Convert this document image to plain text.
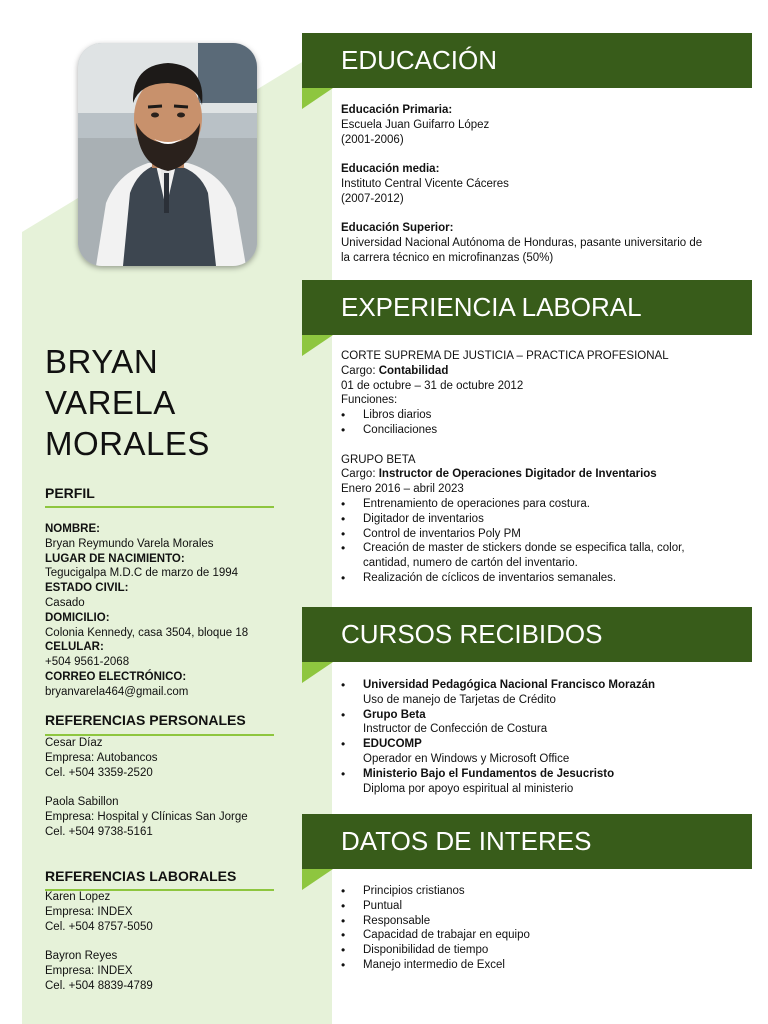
BRYAN
VARELA
MORALES
PERFIL
NOMBRE:
Bryan Reymundo Varela Morales
LUGAR DE NACIMIENTO:
Tegucigalpa M.D.C de marzo de 1994
ESTADO CIVIL:
Casado
DOMICILIO:
Colonia Kennedy, casa 3504, bloque 18
CELULAR:
+504 9561-2068
CORREO ELECTRÓNICO:
bryanvarela464@gmail.com
REFERENCIAS PERSONALES
Cesar Díaz
Empresa: Autobancos
Cel. +504 3359-2520
Paola Sabillon
Empresa: Hospital y Clínicas San Jorge
Cel. +504 9738-5161
REFERENCIAS LABORALES
Karen Lopez
Empresa: INDEX
Cel. +504 8757-5050
Bayron Reyes
Empresa: INDEX
Cel. +504 8839-4789
EDUCACIÓN
Educación Primaria:
Escuela Juan Guifarro López
(2001-2006)
Educación media:
Instituto Central Vicente Cáceres
(2007-2012)
Educación Superior:
Universidad Nacional Autónoma de Honduras, pasante universitario de
la carrera técnico en microfinanzas (50%)
EXPERIENCIA LABORAL
CORTE SUPREMA DE JUSTICIA – PRACTICA PROFESIONAL
Cargo: Contabilidad
01 de octubre – 31 de octubre 2012
Funciones:
• Libros diarios
• Conciliaciones
GRUPO BETA
Cargo: Instructor de Operaciones Digitador de Inventarios
Enero 2016 – abril 2023
• Entrenamiento de operaciones para costura.
• Digitador de inventarios
• Control de inventarios Poly PM
• Creación de master de stickers donde se especifica talla, color, cantidad, numero de cartón del inventario.
• Realización de cíclicos de inventarios semanales.
CURSOS RECIBIDOS
• Universidad Pedagógica Nacional Francisco Morazán
Uso de manejo de Tarjetas de Crédito
• Grupo Beta
Instructor de Confección de Costura
• EDUCOMP
Operador en Windows y Microsoft Office
• Ministerio Bajo el Fundamentos de Jesucristo
Diploma por apoyo espiritual al ministerio
DATOS DE INTERES
• Principios cristianos
• Puntual
• Responsable
• Capacidad de trabajar en equipo
• Disponibilidad de tiempo
• Manejo intermedio de Excel
